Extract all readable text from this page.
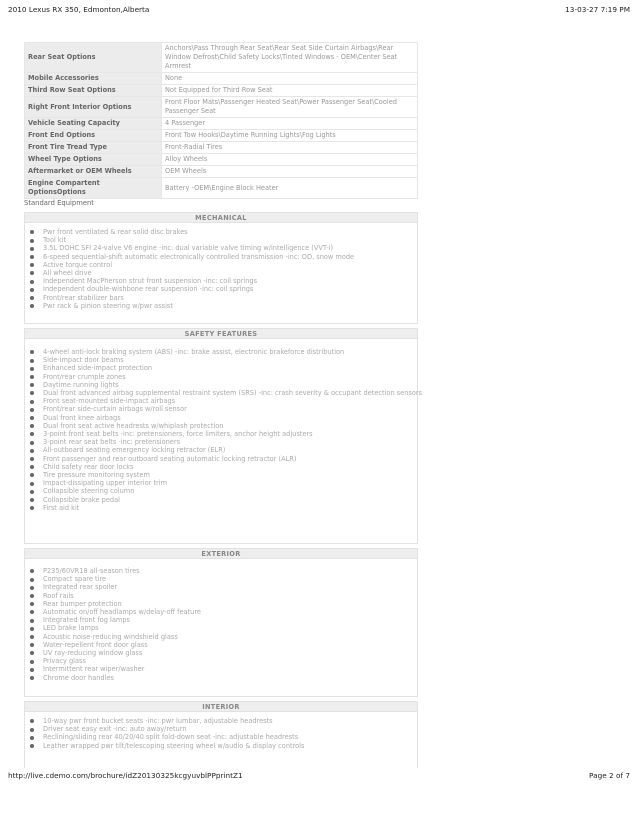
2010 Lexus RX 350, Edmonton,Alberta	13-03-27 7:19 PM
Rear Seat Options	Anchors\Pass Through Rear Seat\Rear Seat Side Curtain Airbags\Rear Window Defrost\Child Safety Locks\Tinted Windows - OEM\Center Seat Armrest
Mobile Accessories	None
Third Row Seat Options	Not Equipped for Third Row Seat
Right Front Interior Options	Front Floor Mats\Passenger Heated Seat\Power Passenger Seat\Cooled Passenger Seat
Vehicle Seating Capacity	4 Passenger
Front End Options	Front Tow Hooks\Daytime Running Lights\Fog Lights
Front Tire Tread Type	Front-Radial Tires
Wheel Type Options	Alloy Wheels
Aftermarket or OEM Wheels	OEM Wheels
Engine Compartent OptionsOptions	Battery -OEM\Engine Block Heater
Standard Equipment
MECHANICAL
Pwr front ventilated & rear solid disc brakes
Tool kit
3.5L DOHC SFI 24-valve V6 engine -inc: dual variable valve timing w/intelligence (VVT-i)
6-speed sequential-shift automatic electronically controlled transmission -inc: OD, snow mode
Active torque control
All wheel drive
Independent MacPherson strut front suspension -inc: coil springs
Independent double-wishbone rear suspension -inc: coil springs
Front/rear stabilizer bars
Pwr rack & pinion steering w/pwr assist
SAFETY FEATURES
4-wheel anti-lock braking system (ABS) -inc: brake assist, electronic brakeforce distribution
Side-impact door beams
Enhanced side-impact protection
Front/rear crumple zones
Daytime running lights
Dual front advanced airbag supplemental restraint system (SRS) -inc: crash severity & occupant detection sensors
Front seat-mounted side-impact airbags
Front/rear side-curtain airbags w/roll sensor
Dual front knee airbags
Dual front seat active headrests w/whiplash protection
3-point front seat belts -inc: pretensioners, force limiters, anchor height adjusters
3-point rear seat belts -inc: pretensioners
All-outboard seating emergency locking retractor (ELR)
Front passenger and rear outboard seating automatic locking retractor (ALR)
Child safety rear door locks
Tire pressure monitoring system
Impact-dissipating upper interior trim
Collapsible steering column
Collapsible brake pedal
First aid kit
EXTERIOR
P235/60VR18 all-season tires
Compact spare tire
Integrated rear spoiler
Roof rails
Rear bumper protection
Automatic on/off headlamps w/delay-off feature
Integrated front fog lamps
LED brake lamps
Acoustic noise-reducing windshield glass
Water-repellent front door glass
UV ray-reducing window glass
Privacy glass
Intermittent rear wiper/washer
Chrome door handles
INTERIOR
10-way pwr front bucket seats -inc: pwr lumbar, adjustable headrests
Driver seat easy exit -inc: auto away/return
Reclining/sliding rear 40/20/40 split fold-down seat -inc: adjustable headrests
Leather wrapped pwr tilt/telescoping steering wheel w/audio & display controls
http://live.cdemo.com/brochure/idZ20130325kcgyuvblPPprintZ1	Page 2 of 7
